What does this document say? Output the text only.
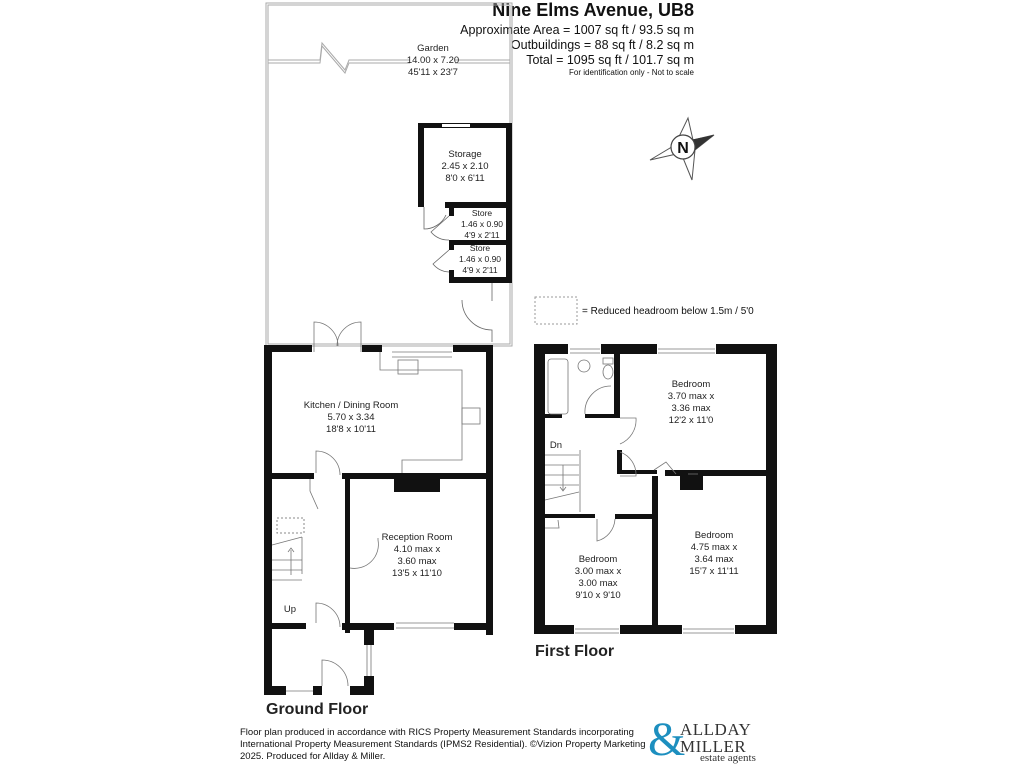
Nine Elms Avenue, UB8
Approximate Area = 1007 sq ft / 93.5 sq m
Outbuildings = 88 sq ft / 8.2 sq m
Total = 1095 sq ft / 101.7 sq m
For identification only - Not to scale
N
Garden
14.00 x 7.20
45'11 x 23'7
Storage
2.45 x 2.10
8'0 x 6'11
Store
1.46 x 0.90
4'9 x 2'11
Store
1.46 x 0.90
4'9 x 2'11
Kitchen / Dining Room
5.70 x 3.34
18'8 x 10'11
Reception Room
4.10 max x
3.60 max
13'5 x 11'10
Up
Ground Floor
Bedroom
3.70 max x
3.36 max
12'2 x 11'0
Bedroom
4.75 max x
3.64 max
15'7 x 11'11
Bedroom
3.00 max x
3.00 max
9'10 x 9'10
Dn
First Floor
= Reduced headroom below 1.5m / 5'0
Floor plan produced in accordance with RICS Property Measurement Standards incorporating International Property Measurement Standards (IPMS2 Residential). ©Vizion Property Marketing 2025. Produced for Allday & Miller.	&
ALLDAY
MILLER
estate agents
